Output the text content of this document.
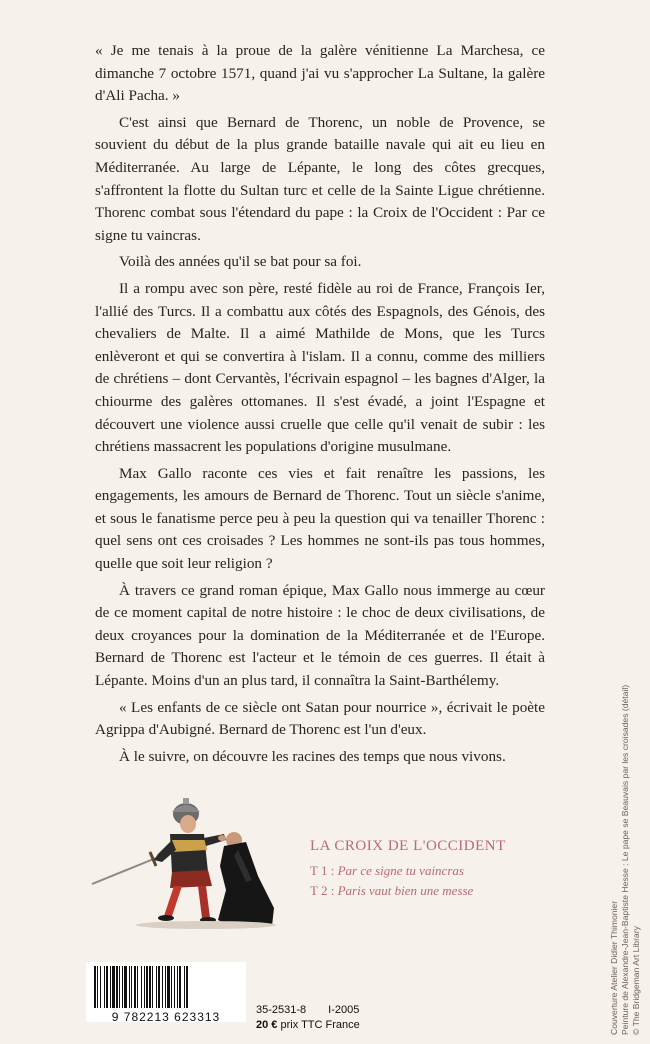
« Je me tenais à la proue de la galère vénitienne La Marchesa, ce dimanche 7 octobre 1571, quand j'ai vu s'approcher La Sultane, la galère d'Ali Pacha. »

C'est ainsi que Bernard de Thorenc, un noble de Provence, se souvient du début de la plus grande bataille navale qui ait eu lieu en Méditerranée. Au large de Lépante, le long des côtes grecques, s'affrontent la flotte du Sultan turc et celle de la Sainte Ligue chrétienne. Thorenc combat sous l'étendard du pape : la Croix de l'Occident : Par ce signe tu vaincras.

Voilà des années qu'il se bat pour sa foi.

Il a rompu avec son père, resté fidèle au roi de France, François Ier, l'allié des Turcs. Il a combattu aux côtés des Espagnols, des Génois, des chevaliers de Malte. Il a aimé Mathilde de Mons, que les Turcs enlèveront et qui se convertira à l'islam. Il a connu, comme des milliers de chrétiens – dont Cervantès, l'écrivain espagnol – les bagnes d'Alger, la chiourme des galères ottomanes. Il s'est évadé, a joint l'Espagne et découvert une violence aussi cruelle que celle qu'il venait de subir : les chrétiens massacrent les populations d'origine musulmane.

Max Gallo raconte ces vies et fait renaître les passions, les engagements, les amours de Bernard de Thorenc. Tout un siècle s'anime, et sous le fanatisme perce peu à peu la question qui va tenailler Thorenc : quel sens ont ces croisades ? Les hommes ne sont-ils pas tous hommes, quelle que soit leur religion ?

À travers ce grand roman épique, Max Gallo nous immerge au cœur de ce moment capital de notre histoire : le choc de deux civilisations, de deux croyances pour la domination de la Méditerranée et de l'Europe. Bernard de Thorenc est l'acteur et le témoin de ces guerres. Il était à Lépante. Moins d'un an plus tard, il connaîtra la Saint-Barthélemy.

« Les enfants de ce siècle ont Satan pour nourrice », écrivait le poète Agrippa d'Aubigné. Bernard de Thorenc est l'un d'eux.

À le suivre, on découvre les racines des temps que nous vivons.

Couverture Atelier Didier Thimonier Peinture de Alexandre-Jean-Baptiste Hesse : Le pape se Beauvais par les croisades (détail) © The Bridgeman Art Library
LA CROIX DE L'OCCIDENT
T 1 : Par ce signe tu vaincras
T 2 : Paris vaut bien une messe
9 782213 623313	35-2531-8 I-2005
20 € prix TTC France
